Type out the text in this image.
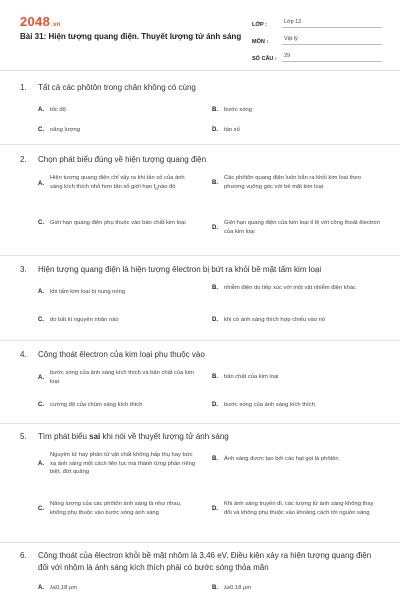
2048.vn
Bài 31: Hiện tượng quang điện. Thuyết lượng tử ánh sáng
LỚP :	Lớp 12
MÔN :	Vật lý
SỐ CÂU :	29
1. Tất cả các phôtôn trong chân không có cùng
A.	tốc độ	B.	bước sóng
C.	năng lượng	D.	tần số
2. Chọn phát biểu đúng về hiện tượng quang điện
A.
Hiện tượng quang điện chỉ xảy ra khi tần số của ánh sáng kích thích nhỏ hơn tần số giới hạn $f_0nào$ đó
B.
Các phôtôn quang điện luôn bắn ra khỏi kim loại theo phương vuông góc với bề mặt kim loại
C.	Giới hạn quang điện phụ thuộc vào bản chất kim loại
D.
Giới hạn quang điện của kim loại tỉ lệ với công thoát êlectron của kim loại
3. Hiện tượng quang điện là hiện tượng êlectron bị bứt ra khỏi bề mặt tấm kim loại
A.	khi tấm kim loại bị nung nóng
B.	nhiễm điện do tiếp xúc với một vật nhiễm điện khác
C.	do bất kì nguyên nhân nào	D.	khi có ánh sáng thích hợp chiếu vào nó
4. Công thoát êlectron của kim loại phụ thuộc vào
A.
bước sóng của ánh sáng kích thích và bản chất của kim loại
B.	bản chất của kim loại
C.	cường độ của chùm sáng kích thích	D.	bước sóng của ánh sáng kích thích
5. Tìm phát biểu sai khi nói về thuyết lượng tử ánh sáng
A.
Nguyên tử hay phân tử vật chất không hấp thụ hay bức xạ ánh sáng một cách liên tục mà thành từng phần riêng biệt, đứt quãng
B.	Ánh sáng được tạo bởi các hạt gọi là phôtôn
C.
Năng lượng của các phôtôn ánh sáng là như nhau, không phụ thuộc vào bước sóng ánh sáng
D.
Khi ánh sáng truyền đi, các lượng tử ánh sáng không thay đổi và không phụ thuộc vào khoảng cách tới nguồn sáng
6. Công thoát của êlectron khỏi bề mặt nhôm là 3,46 eV. Điều kiện xảy ra hiện tượng quang điện đối với nhôm là ánh sáng kích thích phải có bước sóng thỏa mãn
A.	λ≤0,18 μm	B.	λ≥0,18 μm
